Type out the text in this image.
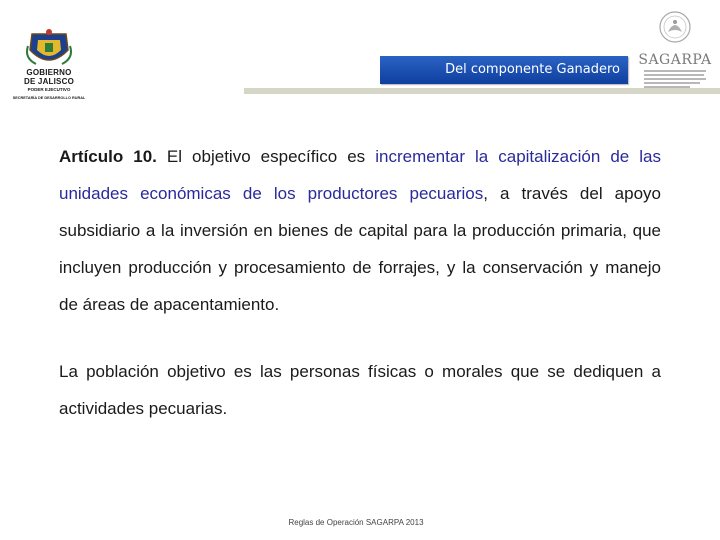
GOBIERNO
DE JALISCO
PODER EJECUTIVO
SECRETARÍA DE DESARROLLO RURAL
Del componente Ganadero
SAGARPA

Artículo 10. El objetivo específico es incrementar la capitalización de las unidades económicas de los productores pecuarios, a través del apoyo subsidiario a la inversión en bienes de capital para la producción primaria, que incluyen producción y procesamiento de forrajes, y la conservación y manejo de áreas de apacentamiento.

La población objetivo es las personas físicas o morales que se dediquen a actividades pecuarias.

Reglas de Operación SAGARPA 2013
